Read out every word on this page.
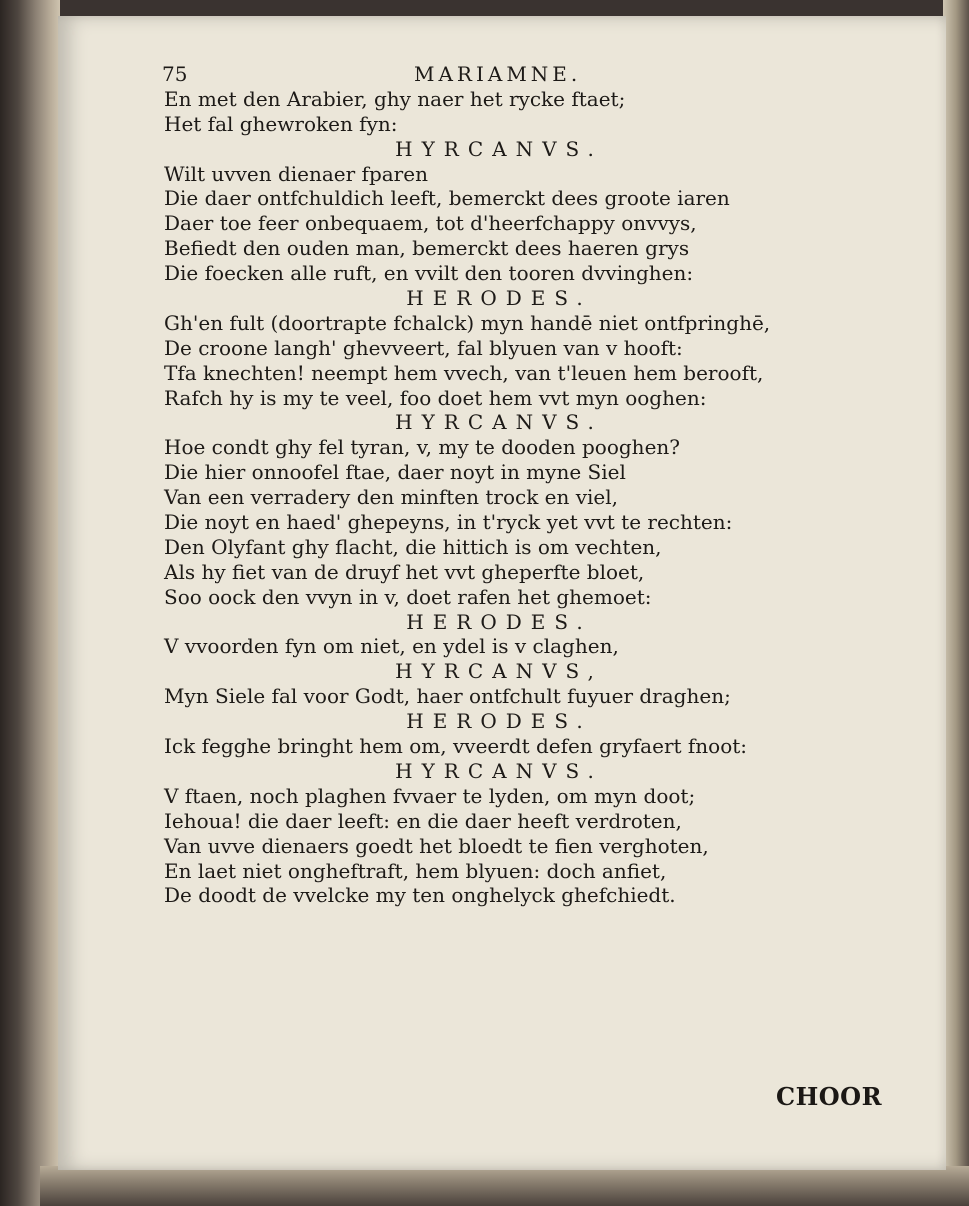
75	MARIAMNE.
En met den Arabier, ghy naer het rycke ftaet;
Het fal ghewroken fyn:
HYRCANVS.
Wilt uvven dienaer fparen
Die daer ontfchuldich leeft, bemerckt dees groote iaren
Daer toe feer onbequaem, tot d'heerfchappy onvvys,
Befiedt den ouden man, bemerckt dees haeren grys
Die foecken alle ruft, en vvilt den tooren dvvinghen:
HERODES.
Gh'en fult (doortrapte fchalck) myn handē niet ontfpringhē,
De croone langh' ghevveert, fal blyuen van v hooft:
Tfa knechten! neempt hem vvech, van t'leuen hem berooft,
Rafch hy is my te veel, foo doet hem vvt myn ooghen:
HYRCANVS.
Hoe condt ghy fel tyran, v, my te dooden pooghen?
Die hier onnoofel ftae, daer noyt in myne Siel
Van een verradery den minften trock en viel,
Die noyt en haed' ghepeyns, in t'ryck yet vvt te rechten:
Den Olyfant ghy flacht, die hittich is om vechten,
Als hy fiet van de druyf het vvt gheperfte bloet,
Soo oock den vvyn in v, doet rafen het ghemoet:
HERODES.
V vvoorden fyn om niet, en ydel is v claghen,
HYRCANVS,
Myn Siele fal voor Godt, haer ontfchult fuyuer draghen;
HERODES.
Ick fegghe bringht hem om, vveerdt defen gryfaert fnoot:
HYRCANVS.
V ftaen, noch plaghen fvvaer te lyden, om myn doot;
Iehoua! die daer leeft: en die daer heeft verdroten,
Van uvve dienaers goedt het bloedt te fien verghoten,
En laet niet ongheftraft, hem blyuen: doch anfiet,
De doodt de vvelcke my ten onghelyck ghefchiedt.
CHOOR
